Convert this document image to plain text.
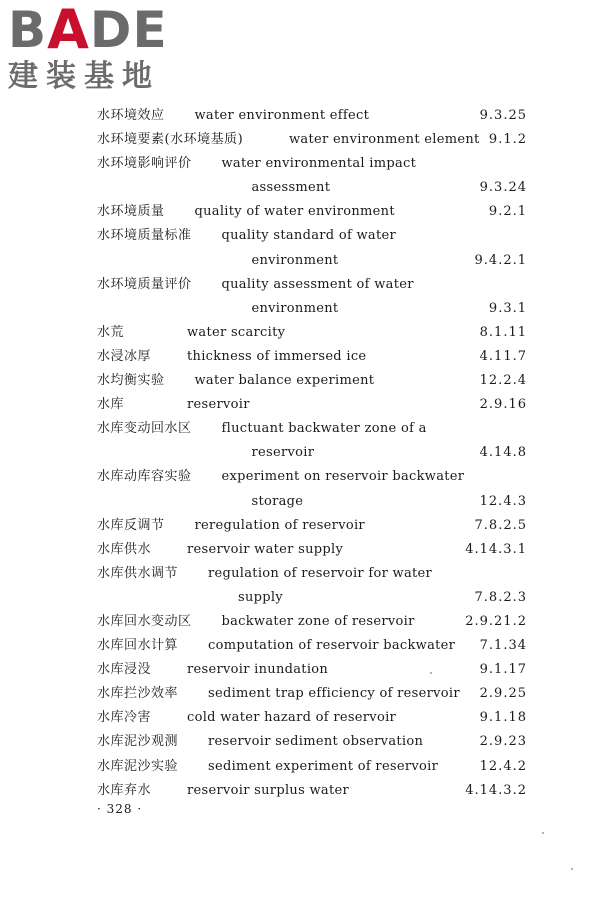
B A D E
建装基地
水环境效应 water environment effect	9.3.25
水环境要素(水环境基质)	water environment element 9.1.2
水环境影响评价 water environmental impact
assessment	9.3.24
水环境质量 quality of water environment	9.2.1
水环境质量标准 quality standard of water
environment	9.4.2.1
水环境质量评价 quality assessment of water
environment	9.3.1
水荒	water scarcity	8.1.11
水浸冰厚	thickness of immersed ice	4.11.7
水均衡实验 water balance experiment	12.2.4
水库	reservoir	2.9.16
水库变动回水区 fluctuant backwater zone of a
reservoir	4.14.8
水库动库容实验 experiment on reservoir backwater
storage	12.4.3
水库反调节 reregulation of reservoir	7.8.2.5
水库供水	reservoir water supply	4.14.3.1
水库供水调节 regulation of reservoir for water
supply	7.8.2.3
水库回水变动区 backwater zone of reservoir	2.9.21.2
水库回水计算 computation of reservoir backwater 7.1.34
水库浸没	reservoir inundation	9.1.17
水库拦沙效率 sediment trap efficiency of reservoir 2.9.25
水库冷害	cold water hazard of reservoir	9.1.18
水库泥沙观测 reservoir sediment observation	2.9.23
水库泥沙实验 sediment experiment of reservoir	12.4.2
水库弃水	reservoir surplus water	4.14.3.2
· 328 ·
